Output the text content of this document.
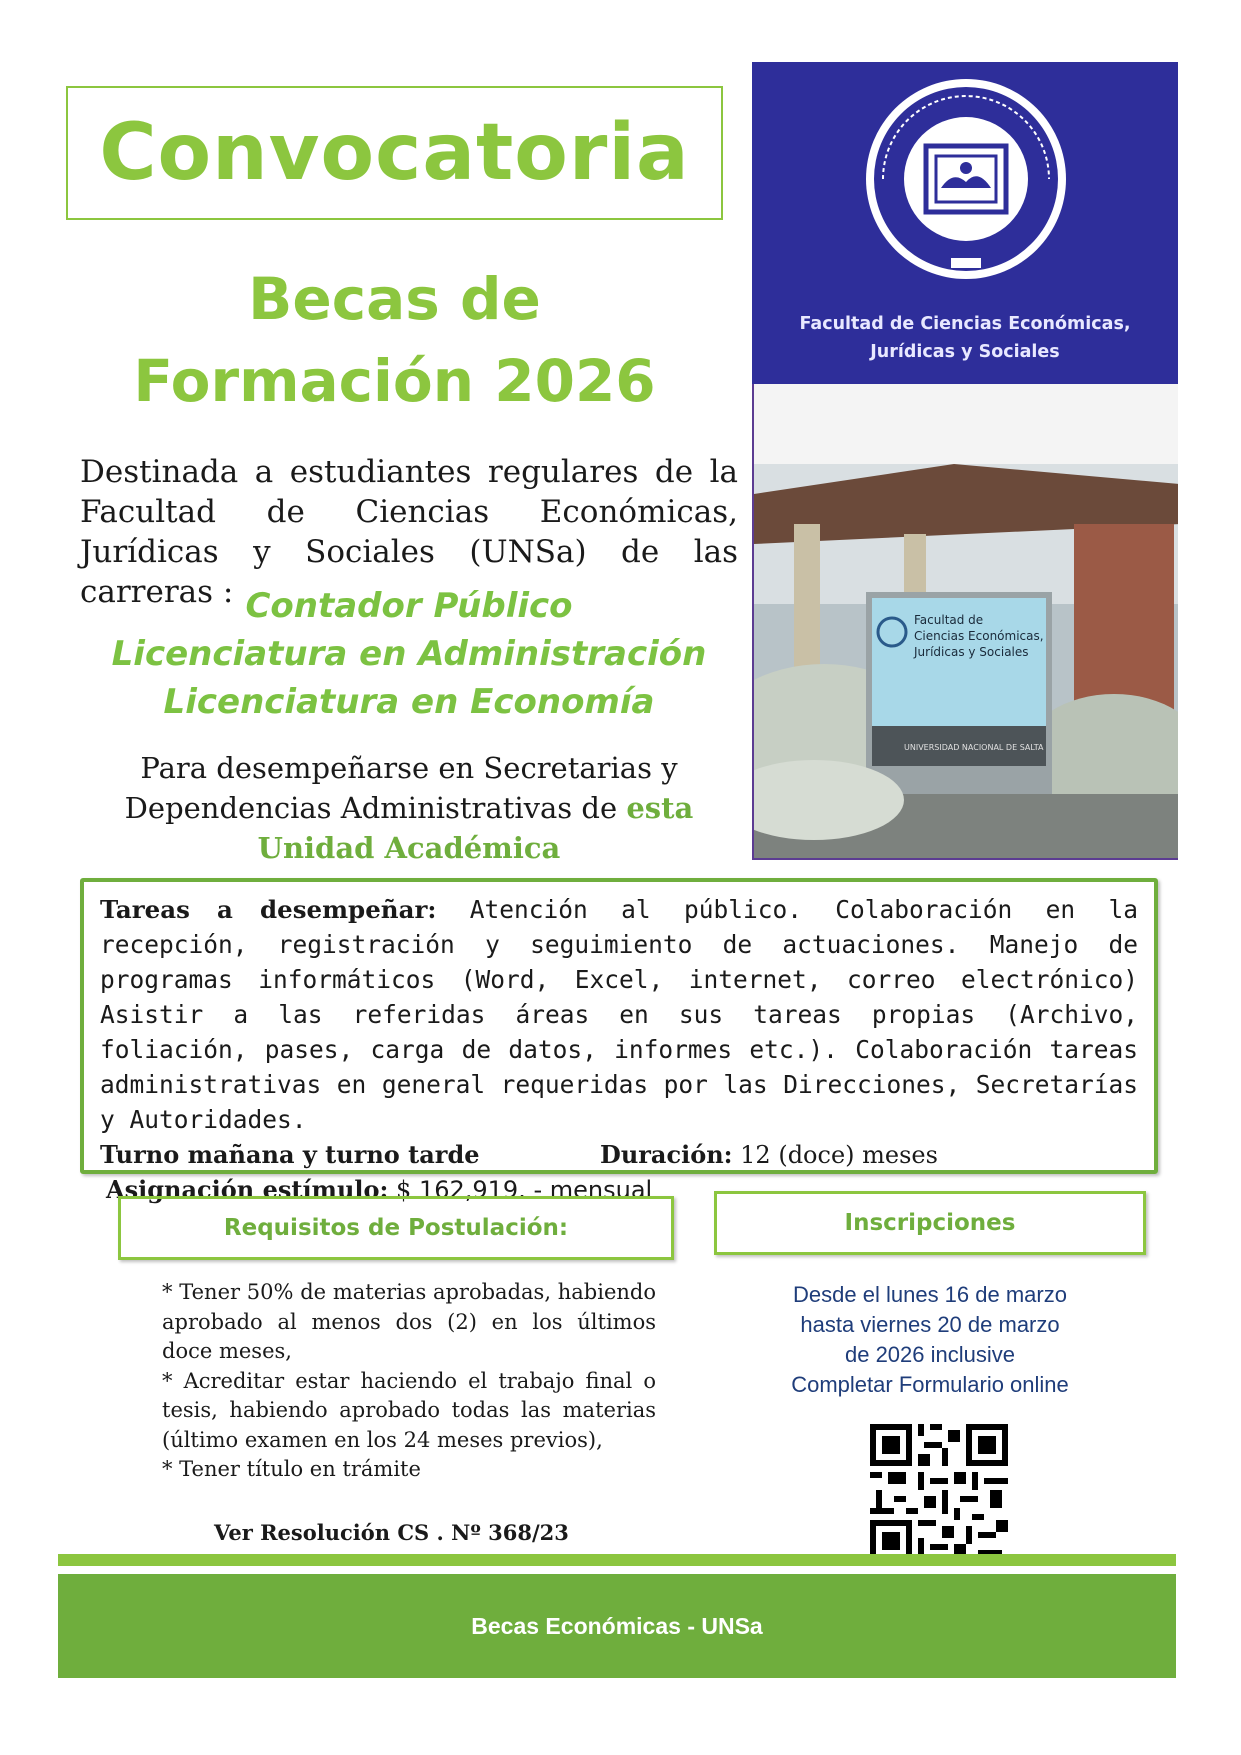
Convocatoria
Becas de
Formación 2026
Destinada a estudiantes regulares de la Facultad de Ciencias Económicas, Jurídicas y Sociales (UNSa) de las carreras : Contador Público
Licenciatura en Administración
Licenciatura en Economía
Para desempeñarse en Secretarias y
Dependencias Administrativas de esta
Unidad Académica
Facultad de Ciencias Económicas,
Jurídicas y Sociales
Facultad de
Ciencias Económicas,
Jurídicas y Sociales
UNIVERSIDAD NACIONAL DE SALTA
Tareas a desempeñar: Atención al público. Colaboración en la recepción, registración y seguimiento de actuaciones. Manejo de programas informáticos (Word, Excel, internet, correo electrónico) Asistir a las referidas áreas en sus tareas propias (Archivo, foliación, pases, carga de datos, informes etc.). Colaboración tareas administrativas en general requeridas por las Direcciones, Secretarías y Autoridades.
Turno mañana y turno tarde	Duración: 12 (doce) meses
Asignación estímulo: $ 162,919. - mensual
Requisitos de Postulación:
* Tener 50% de materias aprobadas, habiendo aprobado al menos dos (2) en los últimos doce meses,
* Acreditar estar haciendo el trabajo final o tesis, habiendo aprobado todas las materias (último examen en los 24 meses previos),
* Tener título en trámite
Ver Resolución CS . Nº 368/23
Inscripciones
Desde el lunes 16 de marzo
hasta viernes 20 de marzo
de 2026 inclusive
Completar Formulario online
Becas Económicas - UNSa
